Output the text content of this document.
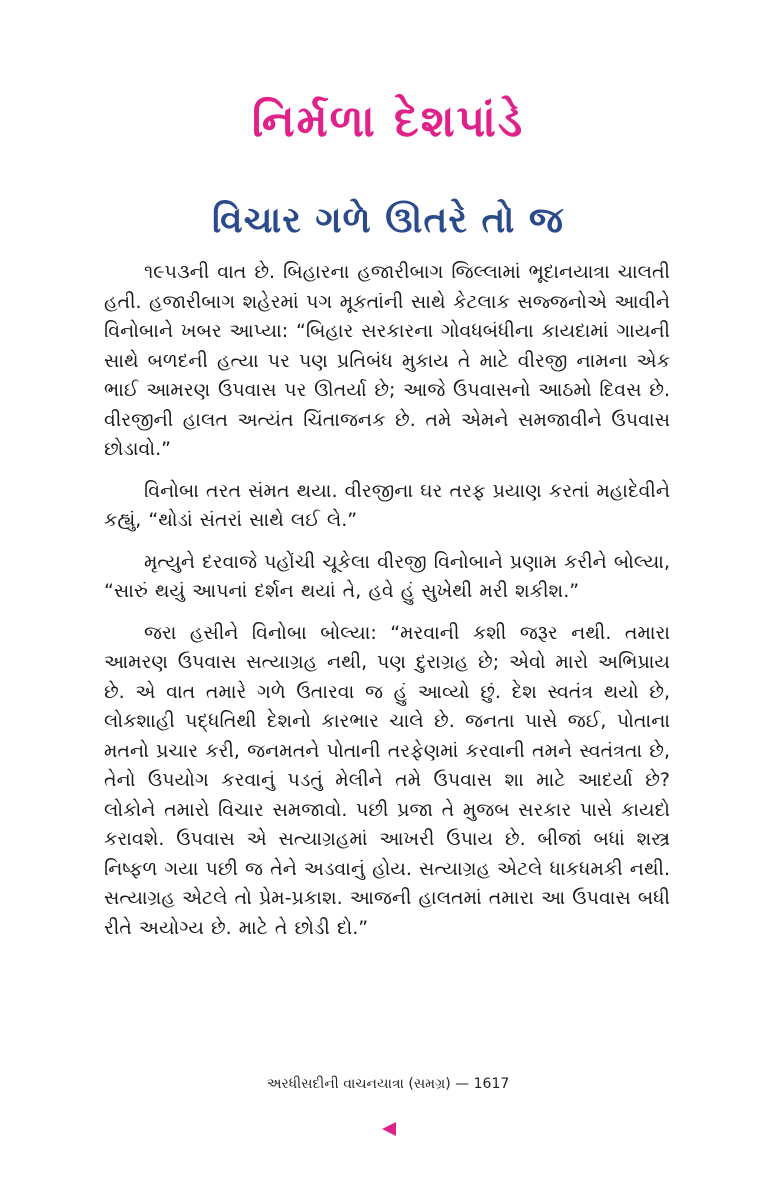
નિર્મળા દેશપાંડે
વિચાર ગળે ઊતરે તો જ

૧૯૫૩ની વાત છે. બિહારના હજારીબાગ જિલ્લામાં ભૂદાનયાત્રા ચાલતી હતી. હજારીબાગ શહેરમાં પગ મૂકતાંની સાથે કેટલાક સજ્જનોએ આવીને વિનોબાને ખબર આપ્યા: “બિહાર સરકારના ગોવધબંધીના કાયદામાં ગાયની સાથે બળદની હત્યા પર પણ પ્રતિબંધ મુકાય તે માટે વીરજી નામના એક ભાઈ આમરણ ઉપવાસ પર ઊતર્યા છે; આજે ઉપવાસનો આઠમો દિવસ છે. વીરજીની હાલત અત્યંત ચિંતાજનક છે. તમે એમને સમજાવીને ઉપવાસ છોડાવો.”

વિનોબા તરત સંમત થયા. વીરજીના ઘર તરફ પ્રયાણ કરતાં મહાદેવીને કહ્યું, “થોડાં સંતરાં સાથે લઈ લે.”

મૃત્યુને દરવાજે પહોંચી ચૂકેલા વીરજી વિનોબાને પ્રણામ કરીને બોલ્યા, “સારું થયું આપનાં દર્શન થયાં તે, હવે હું સુખેથી મરી શકીશ.”

જરા હસીને વિનોબા બોલ્યા: “મરવાની કશી જરૂર નથી. તમારા આમરણ ઉપવાસ સત્યાગ્રહ નથી, પણ દુરાગ્રહ છે; એવો મારો અભિપ્રાય છે. એ વાત તમારે ગળે ઉતારવા જ હું આવ્યો છું. દેશ સ્વતંત્ર થયો છે, લોકશાહી પદ્ધતિથી દેશનો કારભાર ચાલે છે. જનતા પાસે જઈ, પોતાના મતનો પ્રચાર કરી, જનમતને પોતાની તરફેણમાં કરવાની તમને સ્વતંત્રતા છે, તેનો ઉપયોગ કરવાનું પડતું મેલીને તમે ઉપવાસ શા માટે આદર્યા છે? લોકોને તમારો વિચાર સમજાવો. પછી પ્રજા તે મુજબ સરકાર પાસે કાયદો કરાવશે. ઉપવાસ એ સત્યાગ્રહમાં આખરી ઉપાય છે. બીજાં બધાં શસ્ત્ર નિષ્ફળ ગયા પછી જ તેને અડવાનું હોય. સત્યાગ્રહ એટલે ધાકધમકી નથી. સત્યાગ્રહ એટલે તો પ્રેમ-પ્રકાશ. આજની હાલતમાં તમારા આ ઉપવાસ બધી રીતે અયોગ્ય છે. માટે તે છોડી દો.”

અરધીસદીની વાચનયાત્રા (સમગ્ર) — 1617
